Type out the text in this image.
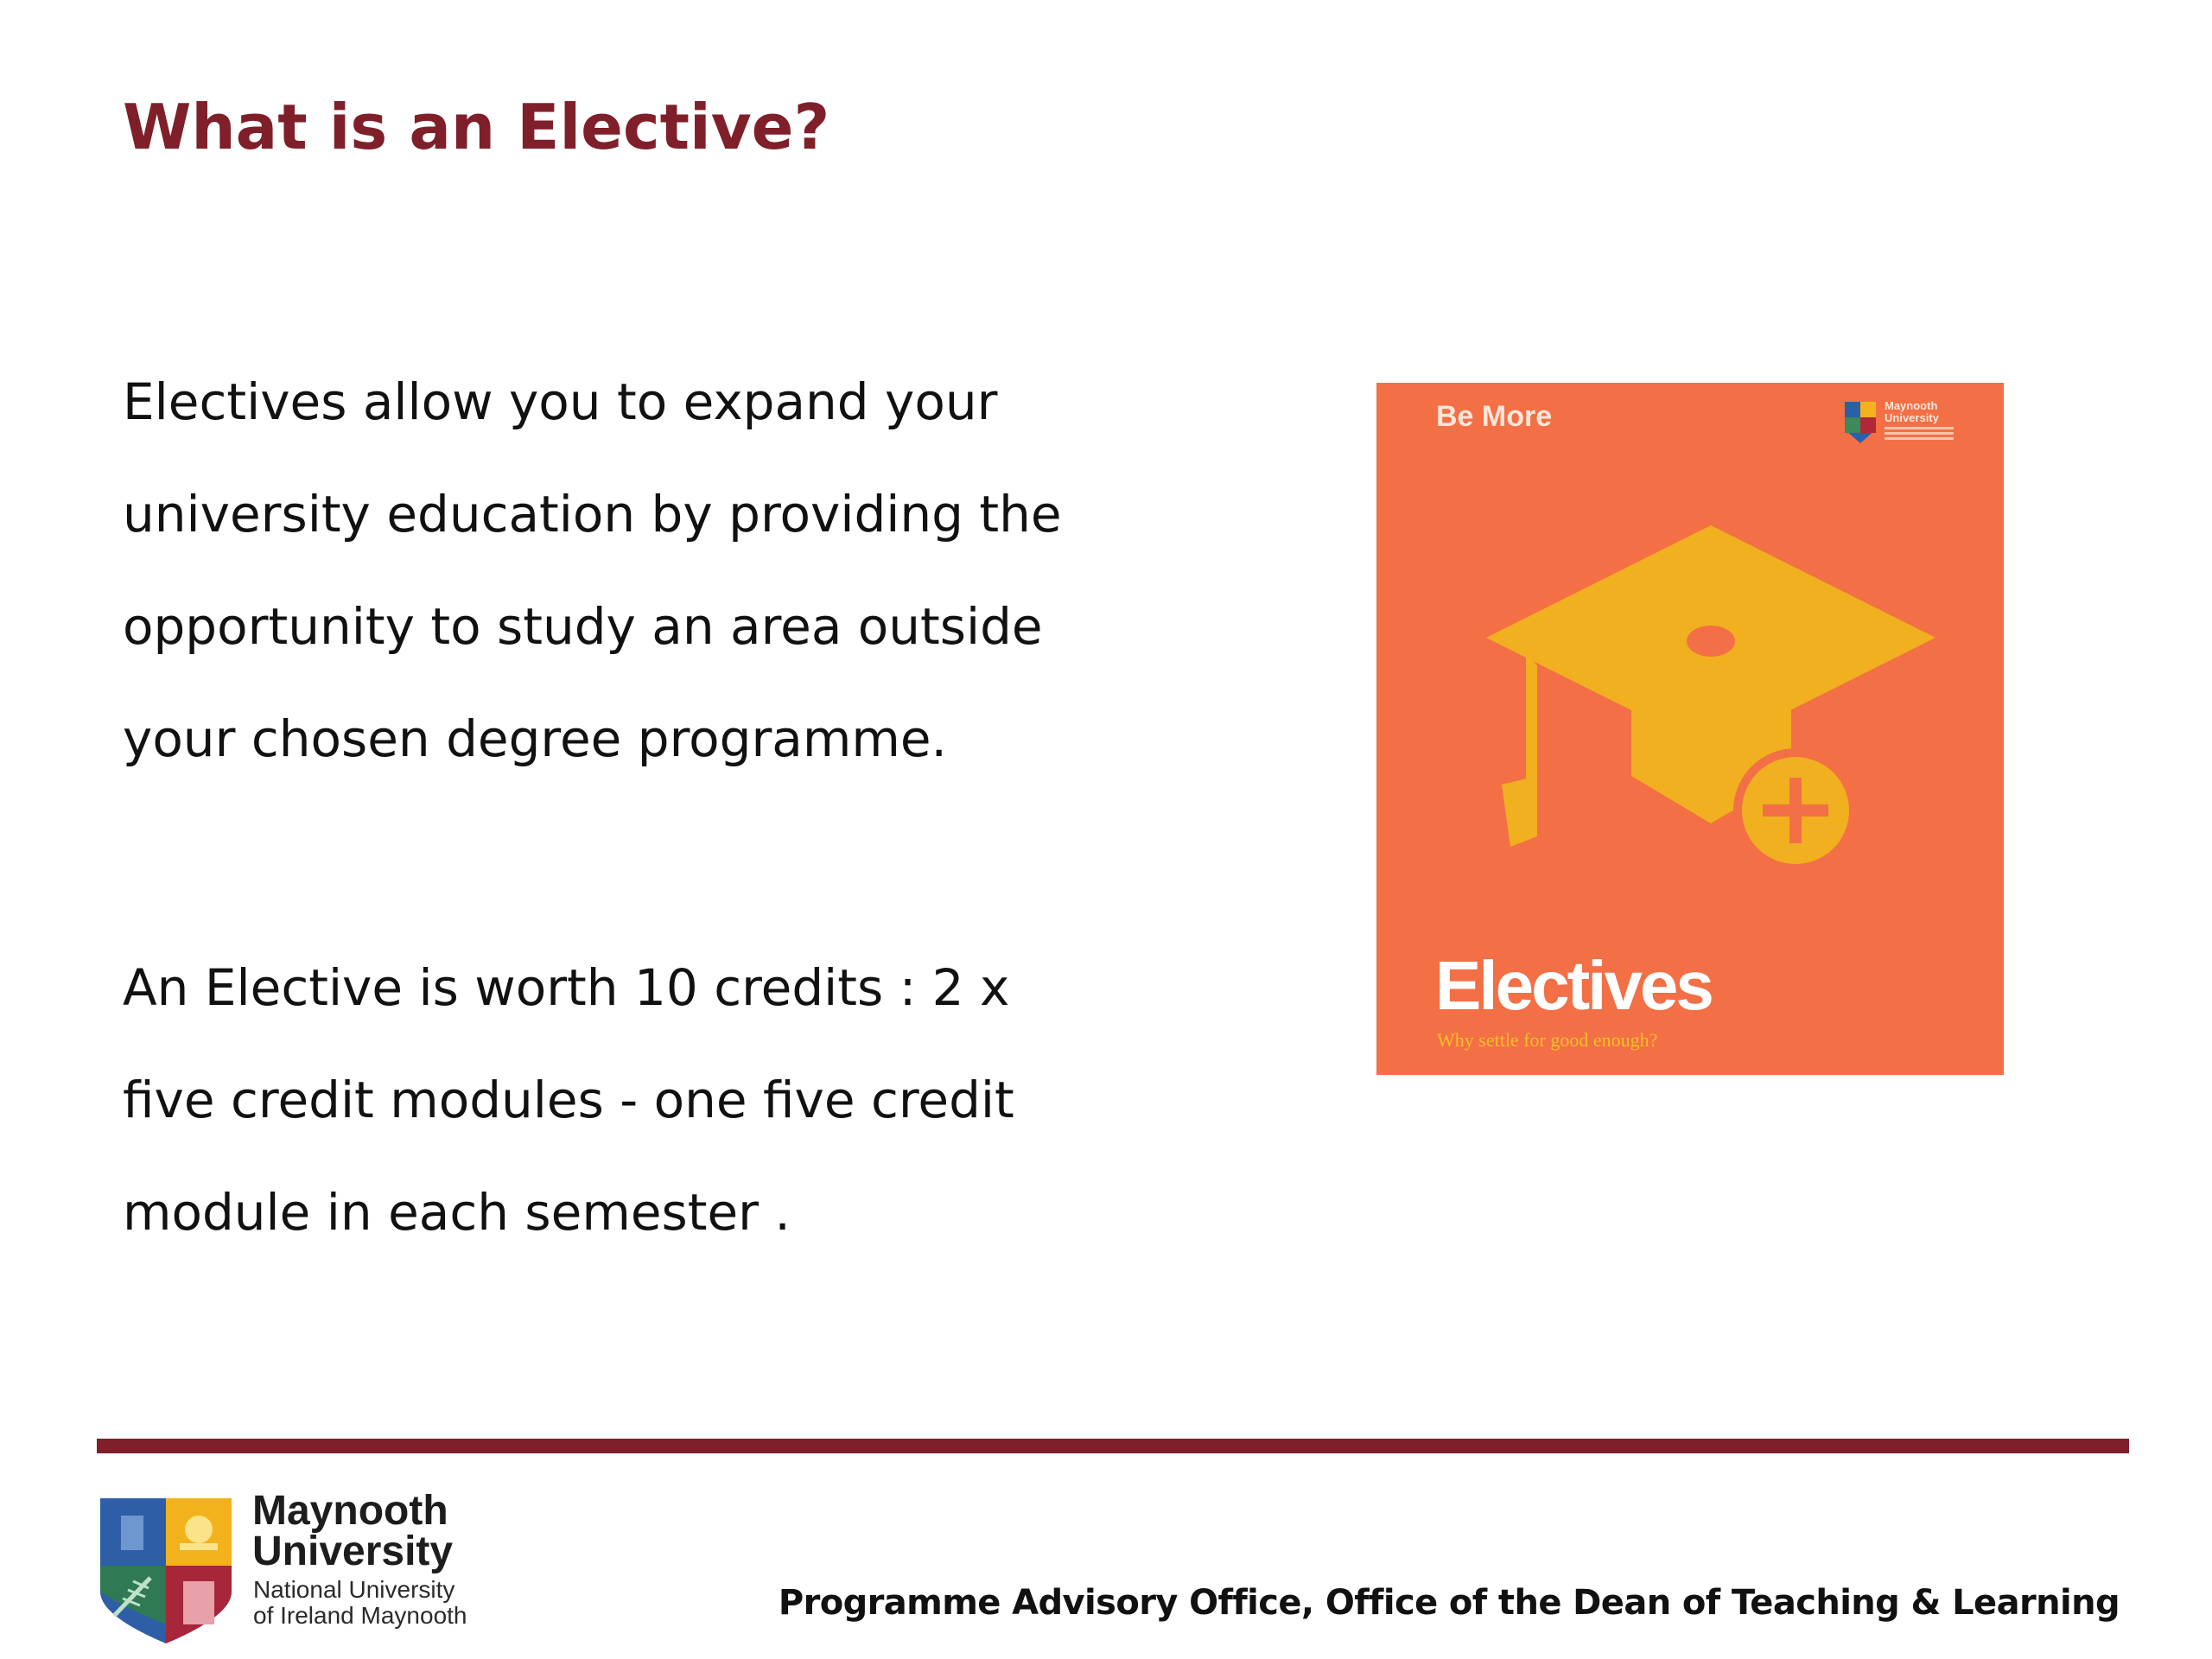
What is an Elective?
Electives allow you to expand your
university education by providing the
opportunity to study an area outside
your chosen degree programme.
An Elective is worth 10 credits : 2 x
five credit modules - one five credit
module in each semester .
Be More	Maynooth
University
Electives
Why settle for good enough?
Maynooth
University
National University
of Ireland Maynooth	Programme Advisory Office, Office of the Dean of Teaching & Learning
